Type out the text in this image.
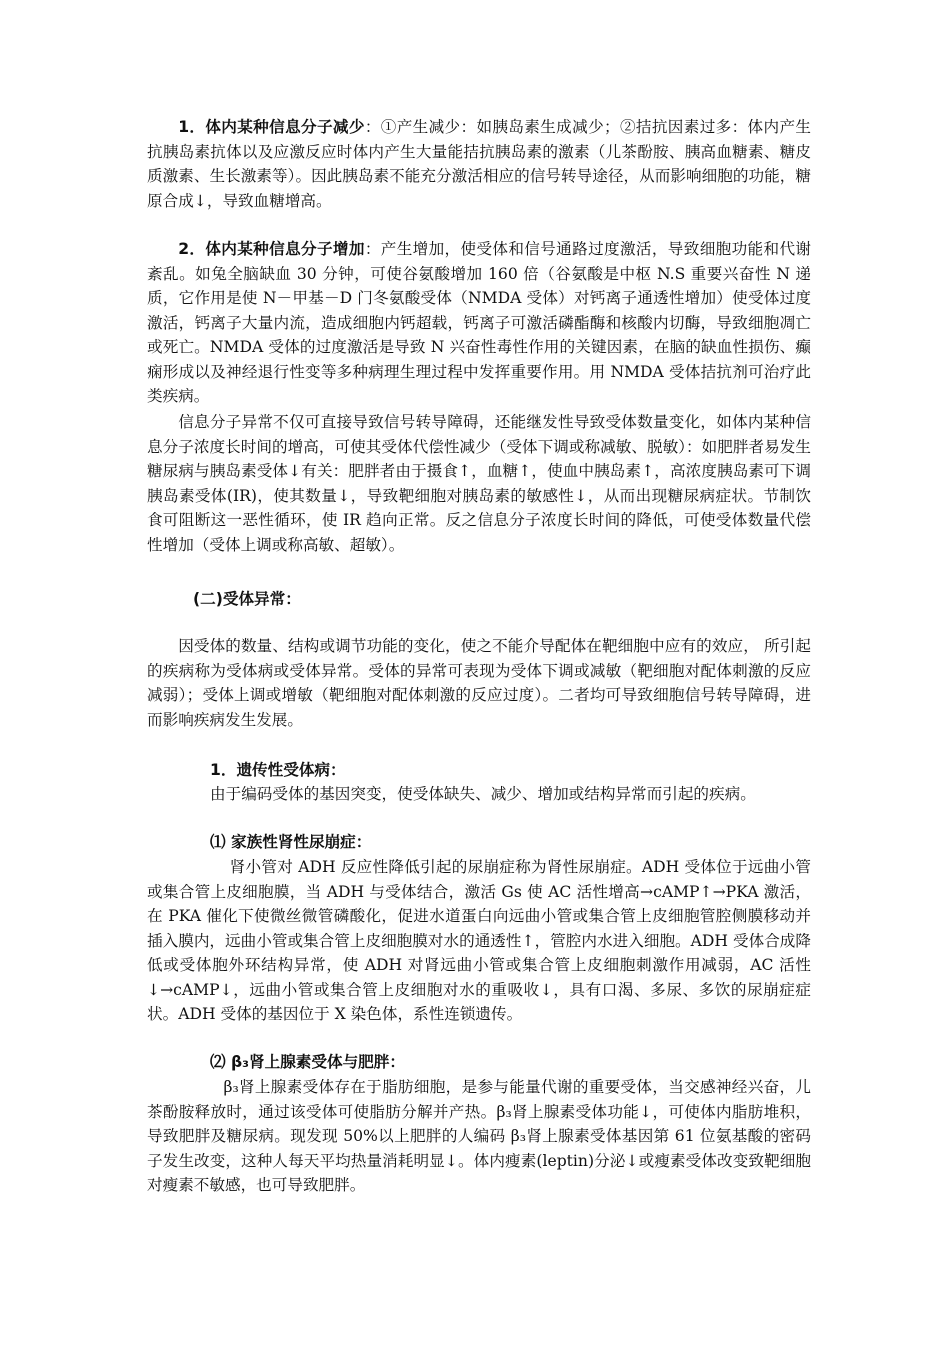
1．体内某种信息分子减少：①产生减少：如胰岛素生成减少；②拮抗因素过多：体内产生抗胰岛素抗体以及应激反应时体内产生大量能拮抗胰岛素的激素（儿茶酚胺、胰高血糖素、糖皮质激素、生长激素等）。因此胰岛素不能充分激活相应的信号转导途径，从而影响细胞的功能，糖原合成↓，导致血糖增高。

2．体内某种信息分子增加：产生增加，使受体和信号通路过度激活，导致细胞功能和代谢紊乱。如兔全脑缺血 30 分钟，可使谷氨酸增加 160 倍（谷氨酸是中枢 N.S 重要兴奋性 N 递质，它作用是使 N－甲基－D 门冬氨酸受体（NMDA 受体）对钙离子通透性增加）使受体过度激活，钙离子大量内流，造成细胞内钙超载，钙离子可激活磷酯酶和核酸内切酶，导致细胞凋亡或死亡。NMDA 受体的过度激活是导致 N 兴奋性毒性作用的关键因素，在脑的缺血性损伤、癫痫形成以及神经退行性变等多种病理生理过程中发挥重要作用。用 NMDA 受体拮抗剂可治疗此类疾病。

信息分子异常不仅可直接导致信号转导障碍，还能继发性导致受体数量变化，如体内某种信息分子浓度长时间的增高，可使其受体代偿性减少（受体下调或称减敏、脱敏）：如肥胖者易发生糖尿病与胰岛素受体↓有关：肥胖者由于摄食↑，血糖↑，使血中胰岛素↑，高浓度胰岛素可下调胰岛素受体(IR)，使其数量↓，导致靶细胞对胰岛素的敏感性↓，从而出现糖尿病症状。节制饮食可阻断这一恶性循环，使 IR 趋向正常。反之信息分子浓度长时间的降低，可使受体数量代偿性增加（受体上调或称高敏、超敏）。

(二)受体异常：

因受体的数量、结构或调节功能的变化，使之不能介导配体在靶细胞中应有的效应， 所引起的疾病称为受体病或受体异常。受体的异常可表现为受体下调或减敏（靶细胞对配体刺激的反应减弱）；受体上调或增敏（靶细胞对配体刺激的反应过度）。二者均可导致细胞信号转导障碍，进而影响疾病发生发展。

1．遗传性受体病：

由于编码受体的基因突变，使受体缺失、减少、增加或结构异常而引起的疾病。

⑴ 家族性肾性尿崩症：

肾小管对 ADH 反应性降低引起的尿崩症称为肾性尿崩症。ADH 受体位于远曲小管或集合管上皮细胞膜，当 ADH 与受体结合，激活 Gs 使 AC 活性增高→cAMP↑→PKA 激活，在 PKA 催化下使微丝微管磷酸化，促进水道蛋白向远曲小管或集合管上皮细胞管腔侧膜移动并插入膜内，远曲小管或集合管上皮细胞膜对水的通透性↑，管腔内水进入细胞。ADH 受体合成降低或受体胞外环结构异常，使 ADH 对肾远曲小管或集合管上皮细胞刺激作用减弱，AC 活性↓→cAMP↓，远曲小管或集合管上皮细胞对水的重吸收↓，具有口渴、多尿、多饮的尿崩症症状。ADH 受体的基因位于 X 染色体，系性连锁遗传。

⑵ β₃肾上腺素受体与肥胖：

β₃肾上腺素受体存在于脂肪细胞，是参与能量代谢的重要受体，当交感神经兴奋，儿茶酚胺释放时，通过该受体可使脂肪分解并产热。β₃肾上腺素受体功能↓，可使体内脂肪堆积，导致肥胖及糖尿病。现发现 50%以上肥胖的人编码 β₃肾上腺素受体基因第 61 位氨基酸的密码子发生改变，这种人每天平均热量消耗明显↓。体内瘦素(leptin)分泌↓或瘦素受体改变致靶细胞对瘦素不敏感，也可导致肥胖。
